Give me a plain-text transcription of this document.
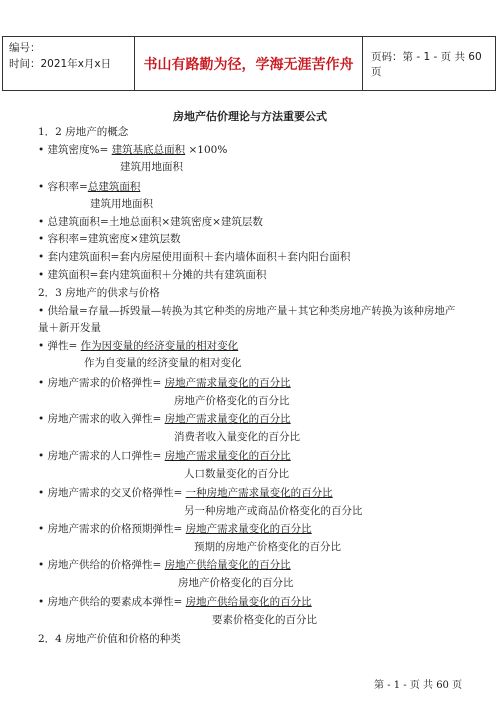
编号：
时间：2021年x月x日	书山有路勤为径，学海无涯苦作舟	页码：第 - 1 - 页 共 60 页
房地产估价理论与方法重要公式
1．2 房地产的概念
• 建筑密度%= 建筑基底总面积 ×100%
建筑用地面积
• 容积率=总建筑面积
建筑用地面积
• 总建筑面积=土地总面积×建筑密度×建筑层数
• 容积率=建筑密度×建筑层数
• 套内建筑面积=套内房屋使用面积＋套内墙体面积＋套内阳台面积
• 建筑面积=套内建筑面积＋分摊的共有建筑面积
2．3 房地产的供求与价格
• 供给量=存量—拆毁量—转换为其它种类的房地产量＋其它种类房地产转换为该种房地产
量＋新开发量
• 弹性= 作为因变量的经济变量的相对变化
作为自变量的经济变量的相对变化
• 房地产需求的价格弹性= 房地产需求量变化的百分比
房地产价格变化的百分比
• 房地产需求的收入弹性= 房地产需求量变化的百分比
消费者收入量变化的百分比
• 房地产需求的人口弹性= 房地产需求量变化的百分比
人口数量变化的百分比
• 房地产需求的交叉价格弹性= 一种房地产需求量变化的百分比
另一种房地产或商品价格变化的百分比
• 房地产需求的价格预期弹性= 房地产需求量变化的百分比
预期的房地产价格变化的百分比
• 房地产供给的价格弹性= 房地产供给量变化的百分比
房地产价格变化的百分比
• 房地产供给的要素成本弹性= 房地产供给量变化的百分比
要素价格变化的百分比
2．4 房地产价值和价格的种类
第 - 1 - 页 共 60 页
